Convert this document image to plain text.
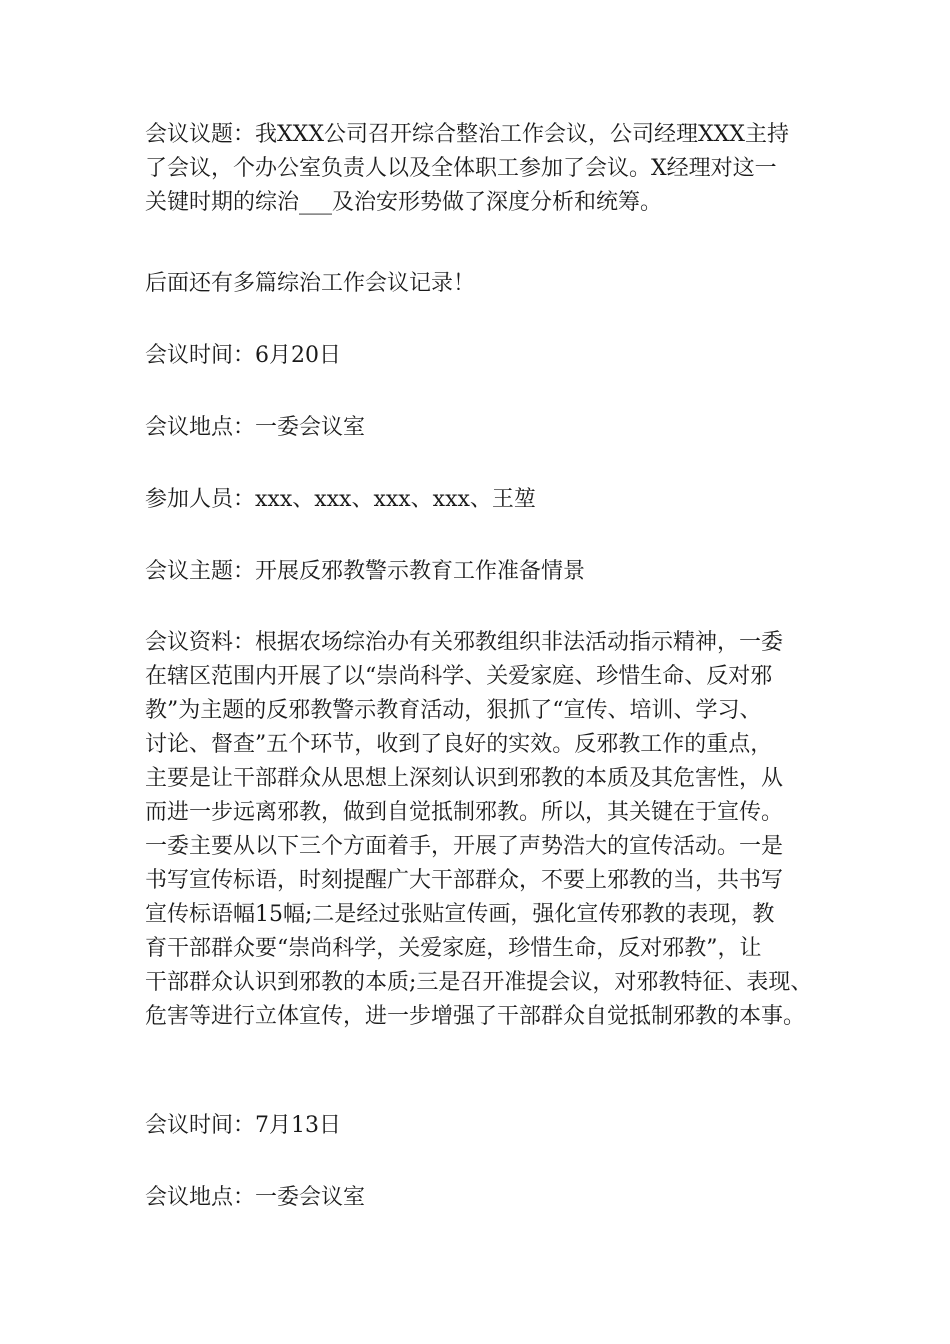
会议议题：我XXX公司召开综合整治工作会议，公司经理XXX主持
了会议，个办公室负责人以及全体职工参加了会议。X经理对这一
关键时期的综治___及治安形势做了深度分析和统筹。

后面还有多篇综治工作会议记录！

会议时间：6月20日

会议地点：一委会议室

参加人员：xxx、xxx、xxx、xxx、王堃

会议主题：开展反邪教警示教育工作准备情景

会议资料：根据农场综治办有关邪教组织非法活动指示精神，一委
在辖区范围内开展了以“崇尚科学、关爱家庭、珍惜生命、反对邪
教”为主题的反邪教警示教育活动，狠抓了“宣传、培训、学习、
讨论、督查”五个环节，收到了良好的实效。反邪教工作的重点，
主要是让干部群众从思想上深刻认识到邪教的本质及其危害性，从
而进一步远离邪教，做到自觉抵制邪教。所以，其关键在于宣传。
一委主要从以下三个方面着手，开展了声势浩大的宣传活动。一是
书写宣传标语，时刻提醒广大干部群众，不要上邪教的当，共书写
宣传标语幅15幅;二是经过张贴宣传画，强化宣传邪教的表现，教
育干部群众要“崇尚科学，关爱家庭，珍惜生命，反对邪教”，让
干部群众认识到邪教的本质;三是召开准提会议，对邪教特征、表现、
危害等进行立体宣传，进一步增强了干部群众自觉抵制邪教的本事。

会议时间：7月13日

会议地点：一委会议室
